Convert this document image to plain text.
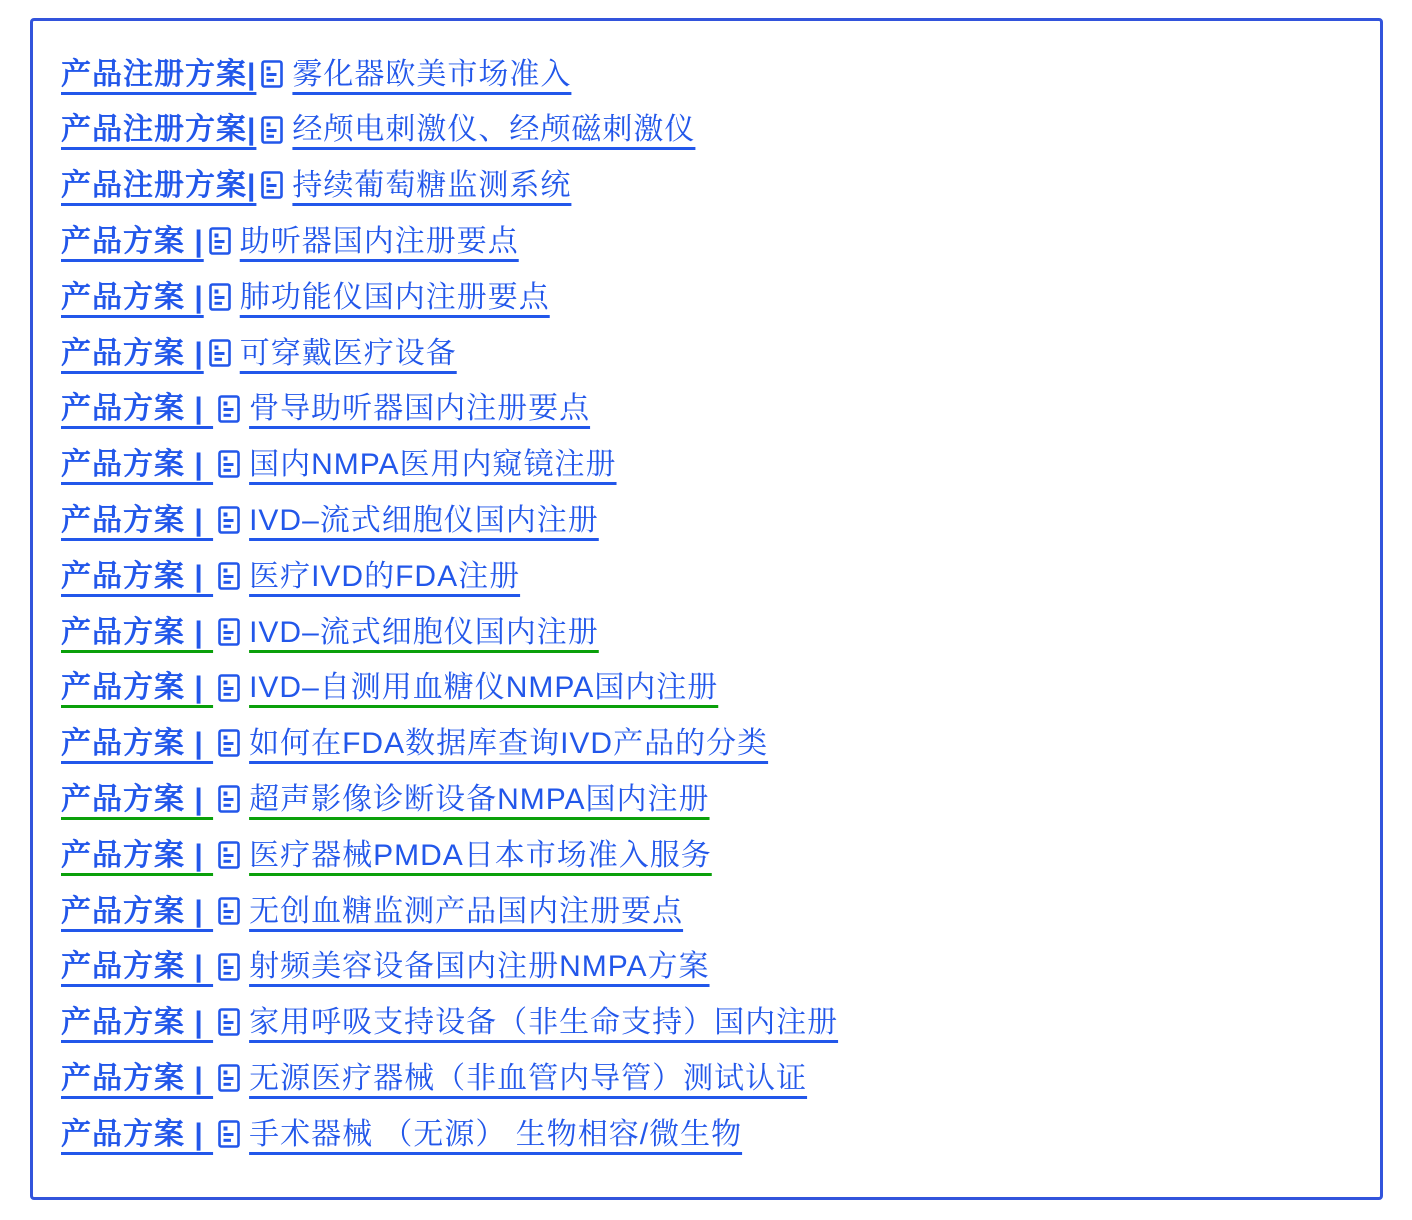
产品注册方案| 雾化器欧美市场准入
产品注册方案| 经颅电刺激仪、经颅磁刺激仪
产品注册方案| 持续葡萄糖监测系统
产品方案 | 助听器国内注册要点
产品方案 | 肺功能仪国内注册要点
产品方案 | 可穿戴医疗设备
产品方案 | 骨导助听器国内注册要点
产品方案 | 国内NMPA医用内窥镜注册
产品方案 | IVD–流式细胞仪国内注册
产品方案 | 医疗IVD的FDA注册
产品方案 | IVD–流式细胞仪国内注册
产品方案 | IVD–自测用血糖仪NMPA国内注册
产品方案 | 如何在FDA数据库查询IVD产品的分类
产品方案 | 超声影像诊断设备NMPA国内注册
产品方案 | 医疗器械PMDA日本市场准入服务
产品方案 | 无创血糖监测产品国内注册要点
产品方案 | 射频美容设备国内注册NMPA方案
产品方案 | 家用呼吸支持设备（非生命支持）国内注册
产品方案 | 无源医疗器械（非血管内导管）测试认证
产品方案 | 手术器械 （无源） 生物相容/微生物
